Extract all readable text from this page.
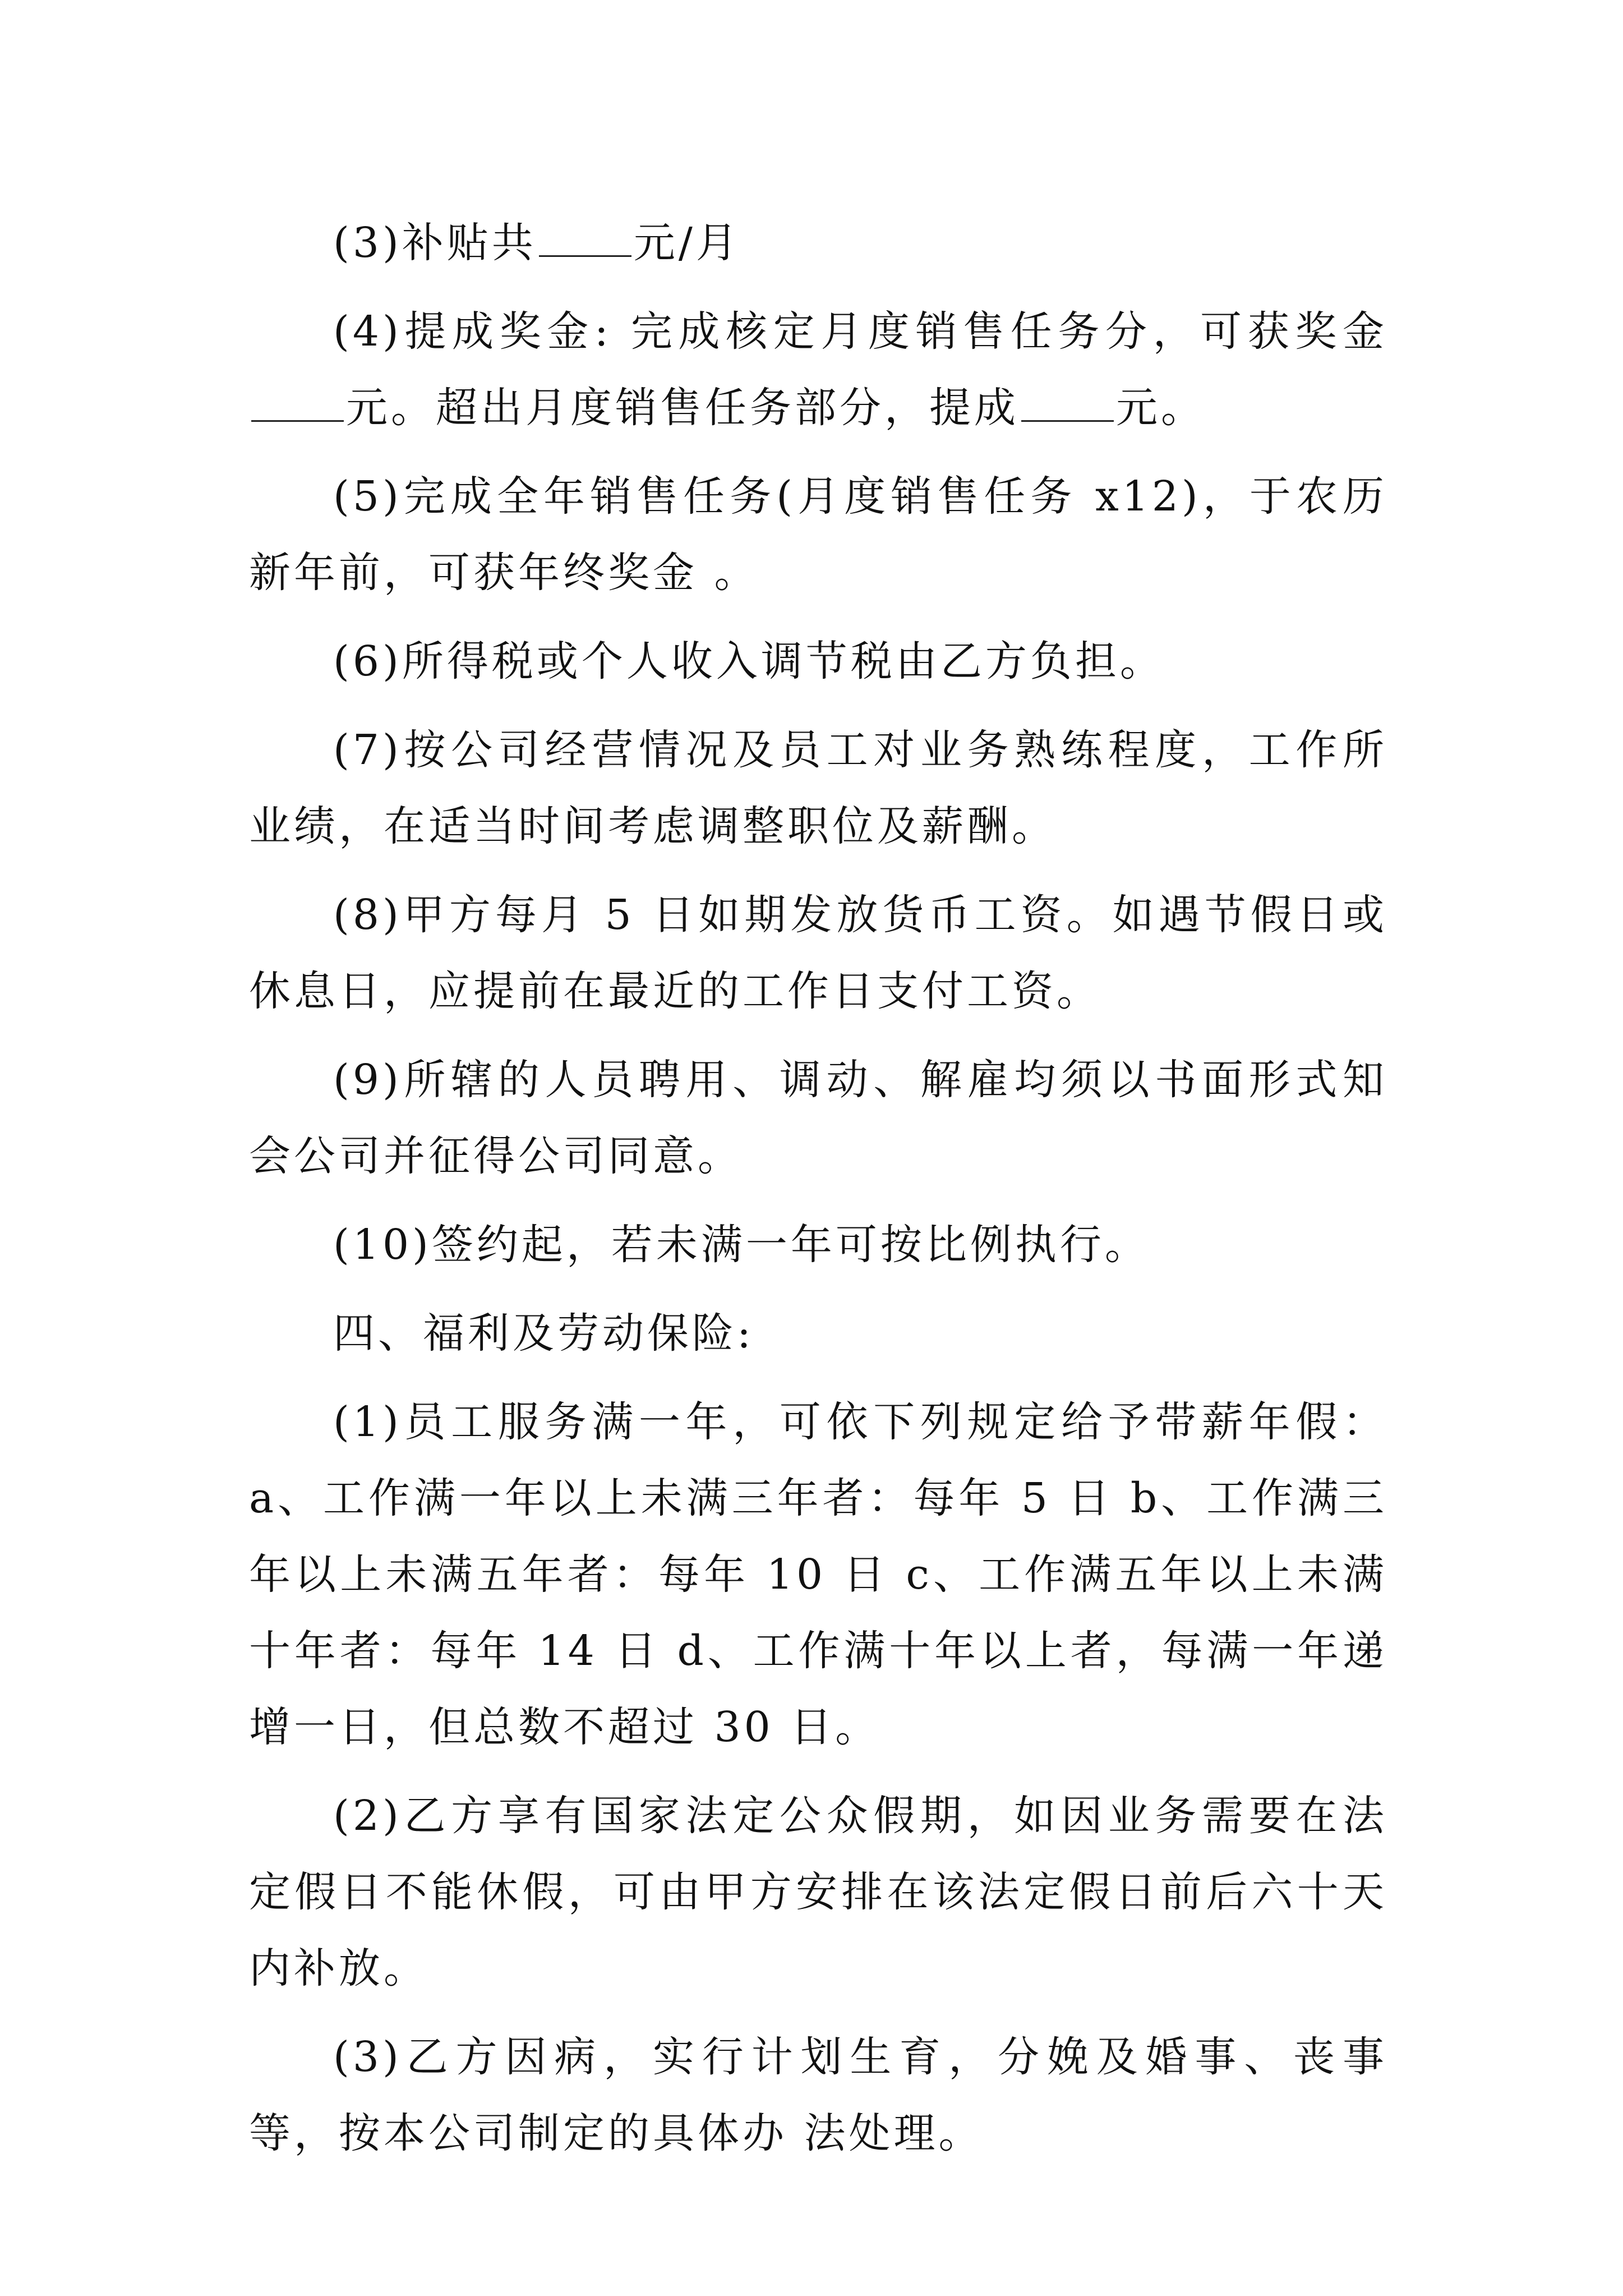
(3)补贴共 元/月

(4)提成奖金: 完成核定月度销售任务分，可获奖金元。超出月度销售任务部分，提成 元。

(5)完成全年销售任务(月度销售任务 x12)，于农历新年前，可获年终奖金 。

(6)所得税或个人收入调节税由乙方负担。

(7)按公司经营情况及员工对业务熟练程度，工作所业绩，在适当时间考虑调整职位及薪酬。

(8)甲方每月 5 日如期发放货币工资。如遇节假日或休息日，应提前在最近的工作日支付工资。

(9)所辖的人员聘用、调动、解雇均须以书面形式知会公司并征得公司同意。

(10)签约起，若未满一年可按比例执行。

四、福利及劳动保险:

(1)员工服务满一年，可依下列规定给予带薪年假：a、工作满一年以上未满三年者：每年 5 日 b、工作满三年以上未满五年者：每年 10 日 c、工作满五年以上未满十年者：每年 14 日 d、工作满十年以上者，每满一年递增一日，但总数不超过 30 日。

(2)乙方享有国家法定公众假期，如因业务需要在法定假日不能休假，可由甲方安排在该法定假日前后六十天内补放。

(3)乙方因病，实行计划生育，分娩及婚事、丧事等，按本公司制定的具体办 法处理。
